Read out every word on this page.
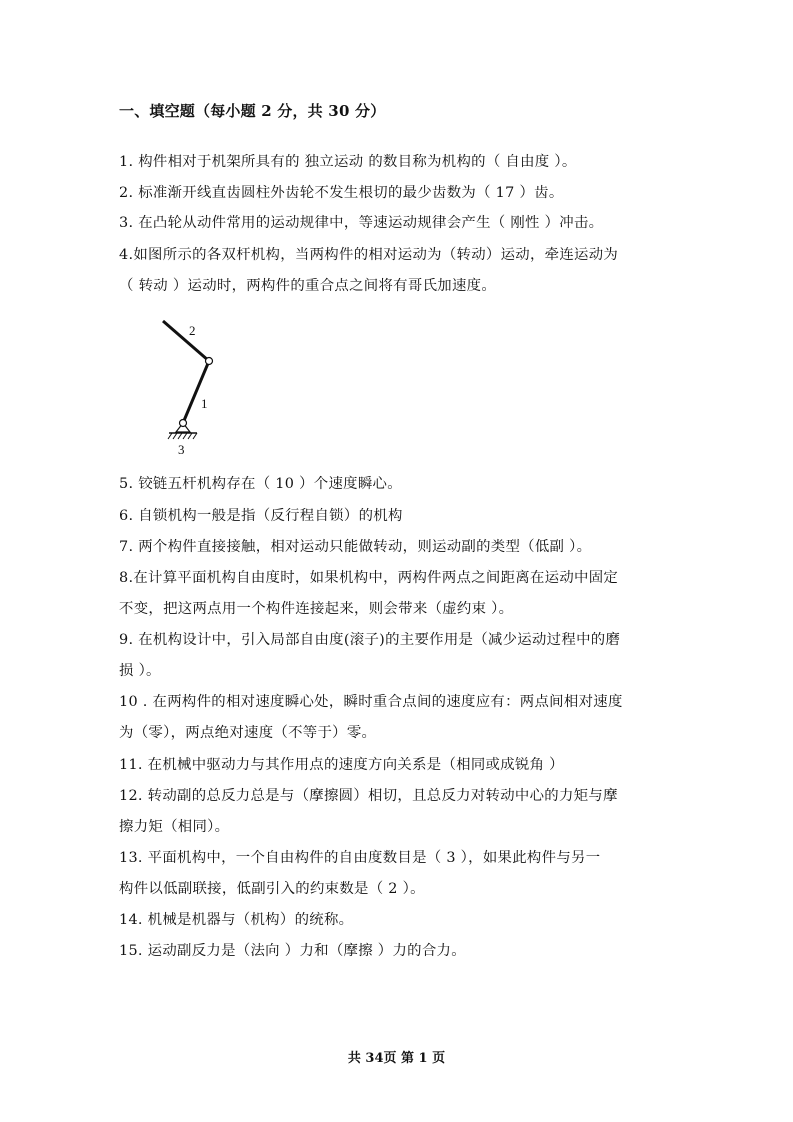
一、填空题（每小题 2 分，共 30 分）
1. 构件相对于机架所具有的 独立运动 的数目称为机构的（ 自由度 ）。
2. 标准渐开线直齿圆柱外齿轮不发生根切的最少齿数为（ 17 ）齿。
3. 在凸轮从动件常用的运动规律中，等速运动规律会产生（ 刚性 ）冲击。
4.如图所示的各双杆机构，当两构件的相对运动为（转动）运动，牵连运动为
（ 转动 ）运动时，两构件的重合点之间将有哥氏加速度。
5. 铰链五杆机构存在（ 10 ）个速度瞬心。
6. 自锁机构一般是指（反行程自锁）的机构
7. 两个构件直接接触，相对运动只能做转动，则运动副的类型（低副 ）。
8.在计算平面机构自由度时，如果机构中，两构件两点之间距离在运动中固定
不变，把这两点用一个构件连接起来，则会带来（虚约束 ）。
9. 在机构设计中，引入局部自由度(滚子)的主要作用是（减少运动过程中的磨
损 ）。
10 . 在两构件的相对速度瞬心处，瞬时重合点间的速度应有：两点间相对速度
为（零），两点绝对速度（不等于）零。
11. 在机械中驱动力与其作用点的速度方向关系是（相同或成锐角 ）
12. 转动副的总反力总是与（摩擦圆）相切，且总反力对转动中心的力矩与摩
擦力矩（相同）。
13. 平面机构中，一个自由构件的自由度数目是（ 3 ），如果此构件与另一
构件以低副联接，低副引入的约束数是（ 2 ）。
14. 机械是机器与（机构）的统称。
15. 运动副反力是（法向 ）力和（摩擦 ）力的合力。
2
1
3
共 34页 第 1 页
